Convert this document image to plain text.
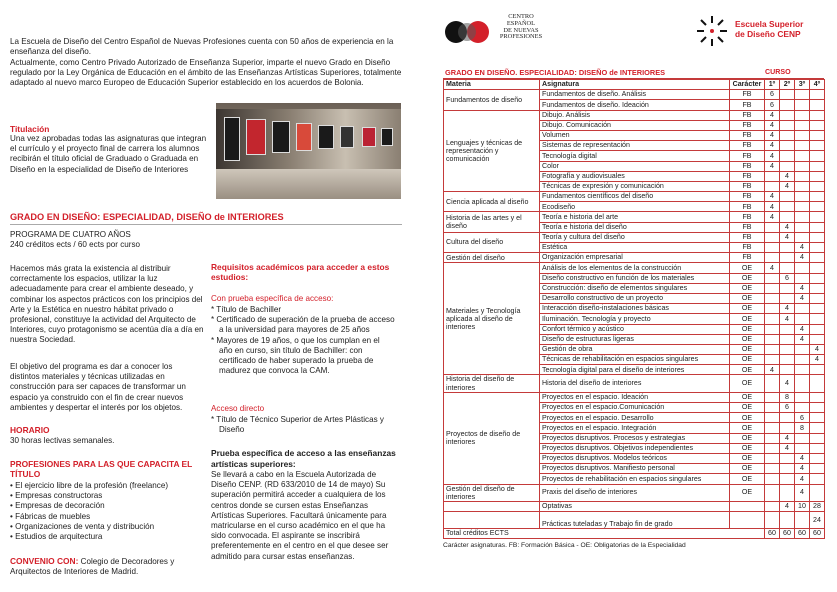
La Escuela de Diseño del Centro Español de Nuevas Profesiones cuenta con 50 años de experiencia en la enseñanza del diseño.
Actualmente, como Centro Privado Autorizado de Enseñanza Superior, imparte el nuevo Grado en Diseño regulado por la Ley Orgánica de Educación en el ámbito de las Enseñanzas Artísticas Superiores, totalmente adaptado al nuevo marco Europeo de Educación Superior establecido en los acuerdos de Bolonia.
Titulación
Una vez aprobadas todas las asignaturas que integran el currículo y el proyecto final de carrera los alumnos recibirán el título oficial de Graduado o Graduada en Diseño en la especialidad de Diseño de Interiores
GRADO EN DISEÑO: ESPECIALIDAD, DISEÑO de INTERIORES
PROGRAMA DE CUATRO AÑOS
240 créditos ects / 60 ects por curso
Hacemos más grata la existencia al distribuir correctamente los espacios, utilizar la luz adecuadamente para crear el ambiente deseado, y combinar los aspectos prácticos con los principios del Arte y la Estética en nuestro hábitat privado o profesional, constituye la actividad del Arquitecto de Interiores, cuyo protagonismo se acentúa día a día en nuestra Sociedad.
El objetivo del programa es dar a conocer los distintos materiales y técnicas utilizadas en construcción para ser capaces de transformar un espacio ya construido con el fin de crear nuevos ambientes y despertar el interés por los objetos.
HORARIO
30 horas lectivas semanales.
PROFESIONES PARA LAS QUE CAPACITA EL TÍTULO
• El ejercicio libre de la profesión (freelance)
• Empresas constructoras
• Empresas de decoración
• Fábricas de muebles
• Organizaciones de venta y distribución
• Estudios de arquitectura
CONVENIO CON: Colegio de Decoradores y Arquitectos de Interiores de Madrid.
Requisitos académicos para acceder a estos estudios:
Con prueba específica de acceso:
* Título de Bachiller
* Certificado de superación de la prueba de acceso a la universidad para mayores de 25 años
* Mayores de 19 años, o que los cumplan en el año en curso, sin título de Bachiller: con certificado de haber superado la prueba de madurez que convoca la CAM.
Acceso directo
* Título de Técnico Superior de Artes Plásticas y Diseño
Prueba específica de acceso a las enseñanzas artísticas superiores:
Se llevará a cabo en la Escuela Autorizada de Diseño CENP. (RD 633/2010 de 14 de mayo) Su superación permitirá acceder a cualquiera de los centros donde se cursen estas Enseñanzas Artísticas Superiores. Facultará únicamente para matricularse en el curso académico en el que ha sido convocada. El aspirante se inscribirá preferentemente en el centro en el que desee ser admitido para cursar estas enseñanzas.
CENTRO
ESPAÑOL
DE NUEVAS
PROFESIONES
Escuela Superior
de Diseño CENP
GRADO EN DISEÑO. ESPECIALIDAD: DISEÑO de INTERIORES	CURSO
Materia	Asignatura	Carácter	1º	2º	3º	4º
Fundamentos de diseño	Fundamentos de diseño. Análisis	FB	6			
	Fundamentos de diseño. Ideación	FB	6			
Lenguajes y técnicas de representación y comunicación	Dibujo. Análisis	FB	4			
	Dibujo. Comunicación	FB	4			
	Volumen	FB	4			
	Sistemas de representación	FB	4			
	Tecnología digital	FB	4			
	Color	FB	4			
	Fotografía y audiovisuales	FB		4		
	Técnicas de expresión y comunicación	FB		4		
Ciencia aplicada al diseño	Fundamentos científicos del diseño	FB	4			
	Ecodiseño	FB	4			
Historia de las artes y el diseño	Teoría e historia del arte	FB	4			
	Teoría e historia del diseño	FB		4		
Cultura del diseño	Teoría y cultura del diseño	FB		4		
	Estética	FB			4	
Gestión del diseño	Organización empresarial	FB			4	
Materiales y Tecnología aplicada al diseño de interiores	Análisis de los elementos de la construcción	OE	4			
	Diseño constructivo en función de los materiales	OE		6		
	Construcción: diseño de elementos singulares	OE			4	
	Desarrollo constructivo de un proyecto	OE			4	
	Interacción diseño-instalaciones básicas	OE		4		
	Iluminación. Tecnología y proyecto	OE		4		
	Confort térmico y acústico	OE			4	
	Diseño de estructuras ligeras	OE			4	
	Gestión de obra	OE				4
	Técnicas de rehabilitación en espacios singulares	OE				4
	Tecnología digital para el diseño de interiores	OE	4			
Historia del diseño de interiores	Historia del diseño de interiores	OE		4		
Proyectos de diseño de interiores	Proyectos en el espacio. Ideación	OE		8		
	Proyectos en el espacio.Comunicación	OE		6		
	Proyectos en el espacio. Desarrollo	OE			6	
	Proyectos en el espacio. Integración	OE			8	
	Proyectos disruptivos. Procesos y estrategias	OE		4		
	Proyectos disruptivos. Objetivos independientes	OE		4		
	Proyectos disruptivos. Modelos teóricos	OE			4	
	Proyectos disruptivos. Manifiesto personal	OE			4	
	Proyectos de rehabilitación en espacios singulares	OE			4	
Gestión del diseño de interiores	Praxis del diseño de interiores	OE			4	
	Optativas			4	10	28
	Prácticas tuteladas y Trabajo fin de grado					24
Total créditos ECTS			60	60	60	60
Carácter asignaturas. FB: Formación Básica - OE: Obligatorias de la Especialidad
